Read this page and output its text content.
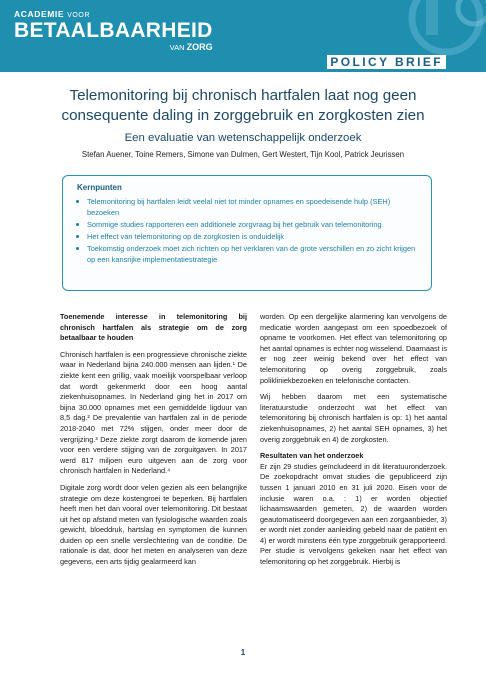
ACADEMIE VOOR
BETAALBAARHEID
VAN ZORG
POLICY BRIEF
Telemonitoring bij chronisch hartfalen laat nog geen
consequente daling in zorggebruik en zorgkosten zien
Een evaluatie van wetenschappelijk onderzoek
Stefan Auener, Toine Remers, Simone van Dulmen, Gert Westert, Tijn Kool, Patrick Jeurissen
Kernpunten
Telemonitoring bij hartfalen leidt veelal niet tot minder opnames en spoedeisende hulp (SEH) bezoeken
Sommige studies rapporteren een additionele zorgvraag bij het gebruik van telemonitoring
Het effect van telemonitoring op de zorgkosten is onduidelijk
Toekomstig onderzoek moet zich richten op het verklaren van de grote verschillen en zo zicht krijgen op een kansrijke implementatiestrategie

Toenemende interesse in telemonitoring bij chronisch hartfalen als strategie om de zorg betaalbaar te houden

Chronisch hartfalen is een progressieve chronische ziekte waar in Nederland bijna 240.000 mensen aan lijden.¹ De ziekte kent een grillig, vaak moeilijk voorspelbaar verloop dat wordt gekenmerkt door een hoog aantal ziekenhuisopnames. In Nederland ging het in 2017 om bijna 30.000 opnames met een gemiddelde ligduur van 8,5 dag.² De prevalentie van hartfalen zal in de periode 2018-2040 met 72% stijgen, onder meer door de vergrijzing.³ Deze ziekte zorgt daarom de komende jaren voor een verdere stijging van de zorguitgaven. In 2017 werd 817 miljoen euro uitgeven aan de zorg voor chronisch hartfalen in Nederland.⁴

Digitale zorg wordt door velen gezien als een belangrijke strategie om deze kostengroei te beperken. Bij hartfalen heeft men het dan vooral over telemonitoring. Dit bestaat uit het op afstand meten van fysiologische waarden zoals gewicht, bloeddruk, hartslag en symptomen die kunnen duiden op een snelle verslechtering van de conditie. De rationale is dat, door het meten en analyseren van deze gegevens, een arts tijdig gealarmeerd kan

worden. Op een dergelijke alarmering kan vervolgens de medicatie worden aangepast om een spoedbezoek of opname te voorkomen. Het effect van telemonitoring op het aantal opnames is echter nog wisselend. Daarnaast is er nog zeer weinig bekend over het effect van telemonitoring op overig zorggebruik, zoals polikliniekbezoeken en telefonische contacten.

Wij hebben daarom met een systematische literatuurstudie onderzocht wat het effect van telemonitoring bij chronisch hartfalen is op: 1) het aantal ziekenhuisopnames, 2) het aantal SEH opnames, 3) het overig zorggebruik en 4) de zorgkosten.

Resultaten van het onderzoek

Er zijn 29 studies geïncludeerd in dit literatuuronderzoek. De zoekopdracht omvat studies die gepubliceerd zijn tussen 1 januari 2010 en 31 juli 2020. Eisen voor de inclusie waren o.a. : 1) er worden objectief lichaamswaarden gemeten, 2) de waarden worden geautomatiseerd doorgegeven aan een zorgaanbieder, 3) er wordt niet zonder aanleiding gebeld naar de patiënt en 4) er wordt minstens één type zorggebruik gerapporteerd. Per studie is vervolgens gekeken naar het effect van telemonitoring op het zorggebruik. Hierbij is

1
